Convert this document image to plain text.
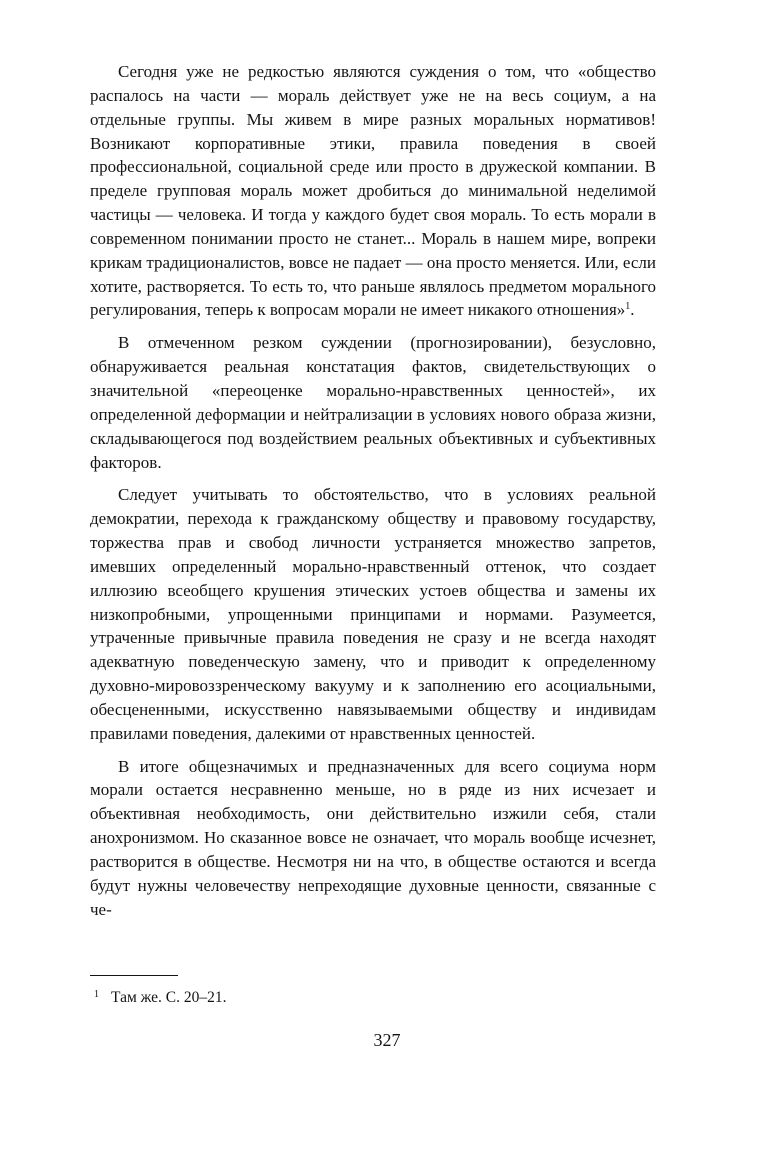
Сегодня уже не редкостью являются суждения о том, что «общество распалось на части — мораль действует уже не на весь социум, а на отдельные группы. Мы живем в мире разных моральных нормативов! Возникают корпоративные этики, правила поведения в своей профессиональной, социальной среде или просто в дружеской компании. В пределе групповая мораль может дробиться до минимальной неделимой частицы — человека. И тогда у каждого будет своя мораль. То есть морали в современном понимании просто не станет... Мораль в нашем мире, вопреки крикам традиционалистов, вовсе не падает — она просто меняется. Или, если хотите, растворяется. То есть то, что раньше являлось предметом морального регулирования, теперь к вопросам морали не имеет никакого отношения»$^1$.

В отмеченном резком суждении (прогнозировании), безусловно, обнаруживается реальная констатация фактов, свидетельствующих о значительной «переоценке морально-нравственных ценностей», их определенной деформации и нейтрализации в условиях нового образа жизни, складывающегося под воздействием реальных объективных и субъективных факторов.

Следует учитывать то обстоятельство, что в условиях реальной демократии, перехода к гражданскому обществу и правовому государству, торжества прав и свобод личности устраняется множество запретов, имевших определенный морально-нравственный оттенок, что создает иллюзию всеобщего крушения этических устоев общества и замены их низкопробными, упрощенными принципами и нормами. Разумеется, утраченные привычные правила поведения не сразу и не всегда находят адекватную поведенческую замену, что и приводит к определенному духовно-мировоззренческому вакууму и к заполнению его асоциальными, обесцененными, искусственно навязываемыми обществу и индивидам правилами поведения, далекими от нравственных ценностей.

В итоге общезначимых и предназначенных для всего социума норм морали остается несравненно меньше, но в ряде из них исчезает и объективная необходимость, они действительно изжили себя, стали анохронизмом. Но сказанное вовсе не означает, что мораль вообще исчезнет, растворится в обществе. Несмотря ни на что, в обществе остаются и всегда будут нужны человечеству непреходящие духовные ценности, связанные с че-

$^1$ Там же. С. 20–21.
327
